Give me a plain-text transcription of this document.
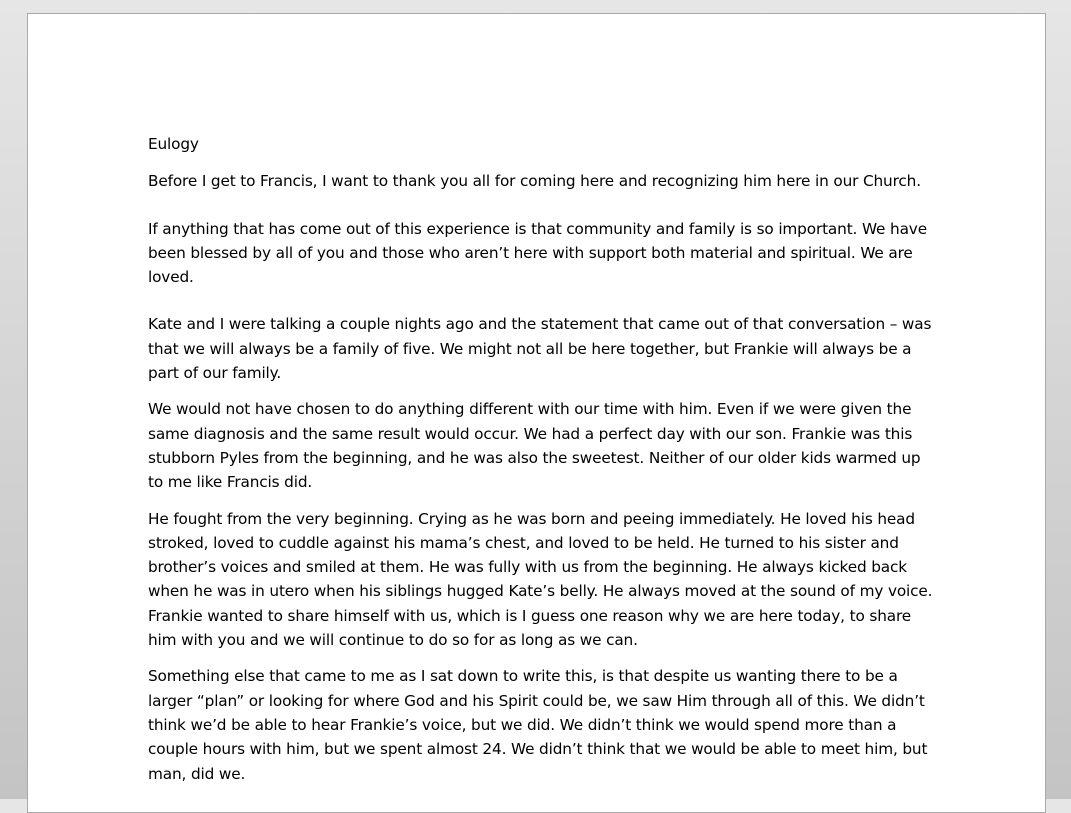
Eulogy

Before I get to Francis, I want to thank you all for coming here and recognizing him here in our Church.

If anything that has come out of this experience is that community and family is so important. We have been blessed by all of you and those who aren’t here with support both material and spiritual. We are loved.

Kate and I were talking a couple nights ago and the statement that came out of that conversation – was that we will always be a family of five. We might not all be here together, but Frankie will always be a part of our family.

We would not have chosen to do anything different with our time with him. Even if we were given the same diagnosis and the same result would occur. We had a perfect day with our son. Frankie was this stubborn Pyles from the beginning, and he was also the sweetest. Neither of our older kids warmed up to me like Francis did.

He fought from the very beginning. Crying as he was born and peeing immediately. He loved his head stroked, loved to cuddle against his mama’s chest, and loved to be held. He turned to his sister and brother’s voices and smiled at them. He was fully with us from the beginning. He always kicked back when he was in utero when his siblings hugged Kate’s belly. He always moved at the sound of my voice. Frankie wanted to share himself with us, which is I guess one reason why we are here today, to share him with you and we will continue to do so for as long as we can.

Something else that came to me as I sat down to write this, is that despite us wanting there to be a larger “plan” or looking for where God and his Spirit could be, we saw Him through all of this. We didn’t think we’d be able to hear Frankie’s voice, but we did. We didn’t think we would spend more than a couple hours with him, but we spent almost 24. We didn’t think that we would be able to meet him, but man, did we.
